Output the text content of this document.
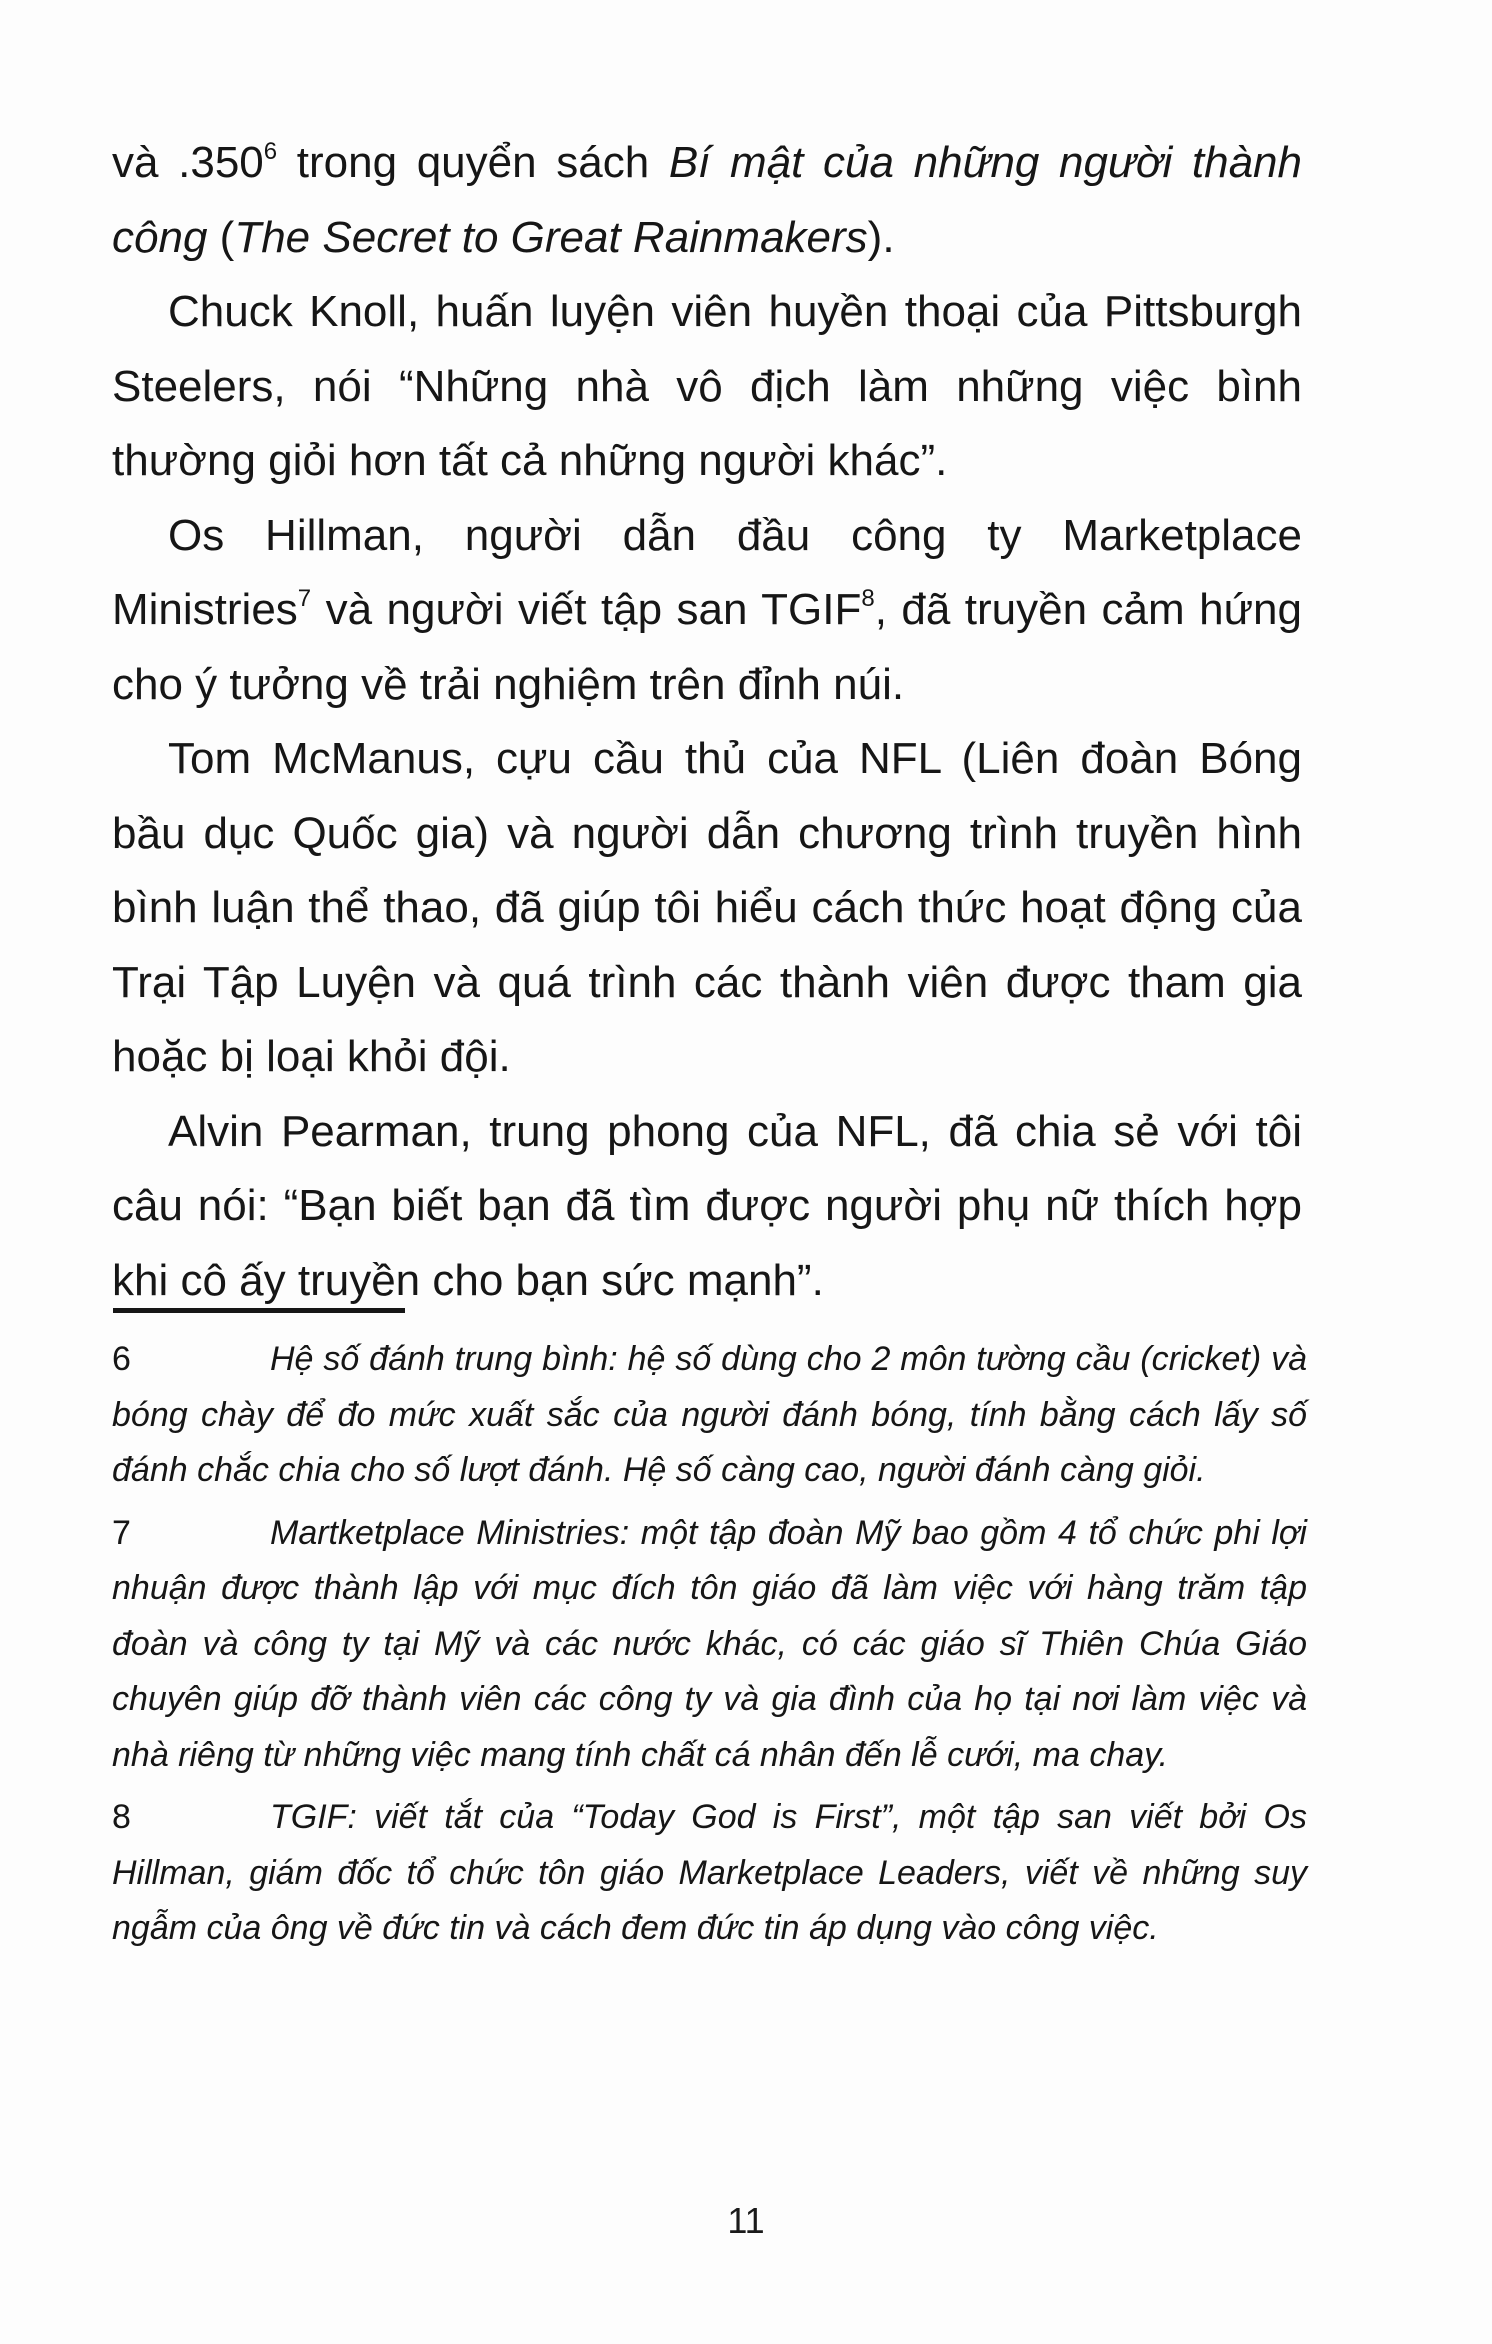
và .350$^6$ trong quyển sách Bí mật của những người thành công (The Secret to Great Rainmakers).

Chuck Knoll, huấn luyện viên huyền thoại của Pittsburgh Steelers, nói “Những nhà vô địch làm những việc bình thường giỏi hơn tất cả những người khác”.

Os Hillman, người dẫn đầu công ty Marketplace Ministries$^7$ và người viết tập san TGIF$^8$, đã truyền cảm hứng cho ý tưởng về trải nghiệm trên đỉnh núi.

Tom McManus, cựu cầu thủ của NFL (Liên đoàn Bóng bầu dục Quốc gia) và người dẫn chương trình truyền hình bình luận thể thao, đã giúp tôi hiểu cách thức hoạt động của Trại Tập Luyện và quá trình các thành viên được tham gia hoặc bị loại khỏi đội.

Alvin Pearman, trung phong của NFL, đã chia sẻ với tôi câu nói: “Bạn biết bạn đã tìm được người phụ nữ thích hợp khi cô ấy truyền cho bạn sức mạnh”.

6	Hệ số đánh trung bình: hệ số dùng cho 2 môn tường cầu (cricket) và bóng chày để đo mức xuất sắc của người đánh bóng, tính bằng cách lấy số đánh chắc chia cho số lượt đánh. Hệ số càng cao, người đánh càng giỏi.

7	Martketplace Ministries: một tập đoàn Mỹ bao gồm 4 tổ chức phi lợi nhuận được thành lập với mục đích tôn giáo đã làm việc với hàng trăm tập đoàn và công ty tại Mỹ và các nước khác, có các giáo sĩ Thiên Chúa Giáo chuyên giúp đỡ thành viên các công ty và gia đình của họ tại nơi làm việc và nhà riêng từ những việc mang tính chất cá nhân đến lễ cưới, ma chay.

8	TGIF: viết tắt của “Today God is First”, một tập san viết bởi Os Hillman, giám đốc tổ chức tôn giáo Marketplace Leaders, viết về những suy ngẫm của ông về đức tin và cách đem đức tin áp dụng vào công việc.

11
